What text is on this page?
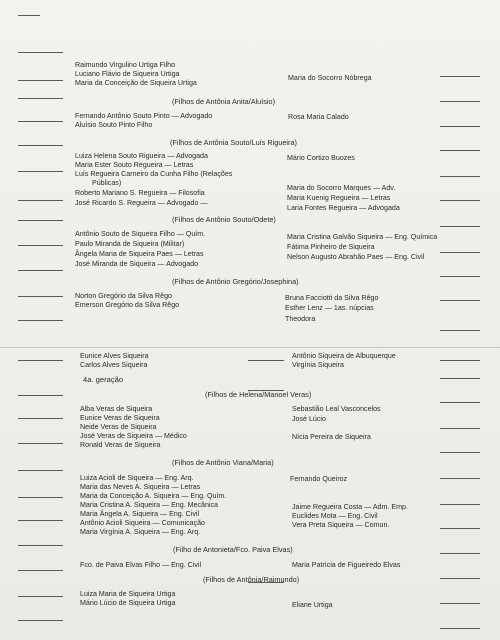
Raimundo Virgulino Urtiga Filho
Luciano Flávio de Siqueira Urtiga
Maria da Conceição de Siqueira Urtiga
Maria do Socorro Nóbrega
(Filhos de Antônia Anita/Aluísio)
Fernando Antônio Souto Pinto — Advogado
Aluísio Souto Pinto Filho
Rosa Maria Calado
(Filhos de Antônia Souto/Luís Rigueira)
Luiza Helena Souto Rigueira — Advogada
Maria Ester Souto Regueira — Letras
Luís Regueira Carneiro da Cunha Filho (Relações
Públicas)
Roberto Mariano S. Regueira — Filosofia
José Ricardo S. Regueira — Advogado —
Mário Cortizo Buozes
Maria do Socorro Marques — Adv.
Maria Kuenig Regueira — Letras
Laria Fontes Regueira — Advogada
(Filhos de Antônio Souto/Odete)
Antônio Souto de Siqueira Filho — Quím.
Paulo Miranda de Siqueira (Militar)
Ângela Maria de Siqueira Paes — Letras
José Miranda de Siqueira — Advogado
Maria Cristina Galvão Siqueira — Eng. Química
Fátima Pinheiro de Siqueira
Nelson Augusto Abrahão Paes — Eng. Civil
(Filhos de Antônio Gregório/Josephina)
Norton Gregório da Silva Rêgo
Emerson Gregório da Silva Rêgo
Bruna Facciotti da Silva Rêgo
Esther Lenz — 1as. núpcias
Theodora
Eunice Alves Siqueira
Carlos Alves Siqueira
Antônio Siqueira de Albuquerque
Virgínia Siqueira
4a. geração
(Filhos de Helena/Manoel Veras)
Alba Veras de Siqueira
Eunice Veras de Siqueira
Neide Veras de Siqueira
José Veras de Siqueira — Médico
Ronald Veras de Siqueira
Sebastião Leal Vasconcelos
José Lúcio
Nícia Pereira de Siqueira
(Filhos de Antônio Viana/Maria)
Luiza Acioli de Siqueira — Eng. Arq.
Maria das Neves A. Siqueira — Letras
Maria da Conceição A. Siqueira — Eng. Quím.
Maria Cristina A. Siqueira — Eng. Mecânica
Maria Ângela A. Siqueira — Eng. Civil
Antônio Acioli Siqueira — Comunicação
Maria Virgínia A. Siqueira — Eng. Arq.
Fernando Queiroz
Jaime Regueira Costa — Adm. Emp.
Euclides Mota — Eng. Civil
Vera Preta Siqueira — Comun.
(Filho de Antonieta/Fco. Paiva Elvas)
Fco. de Paiva Elvas Filho — Eng. Civil	Maria Patrícia de Figueiredo Elvas
(Filhos de Antônia/Raimundo)
Luiza Maria de Siqueira Urtiga
Mário Lúcio de Siqueira Urtiga	Eliane Urtiga
